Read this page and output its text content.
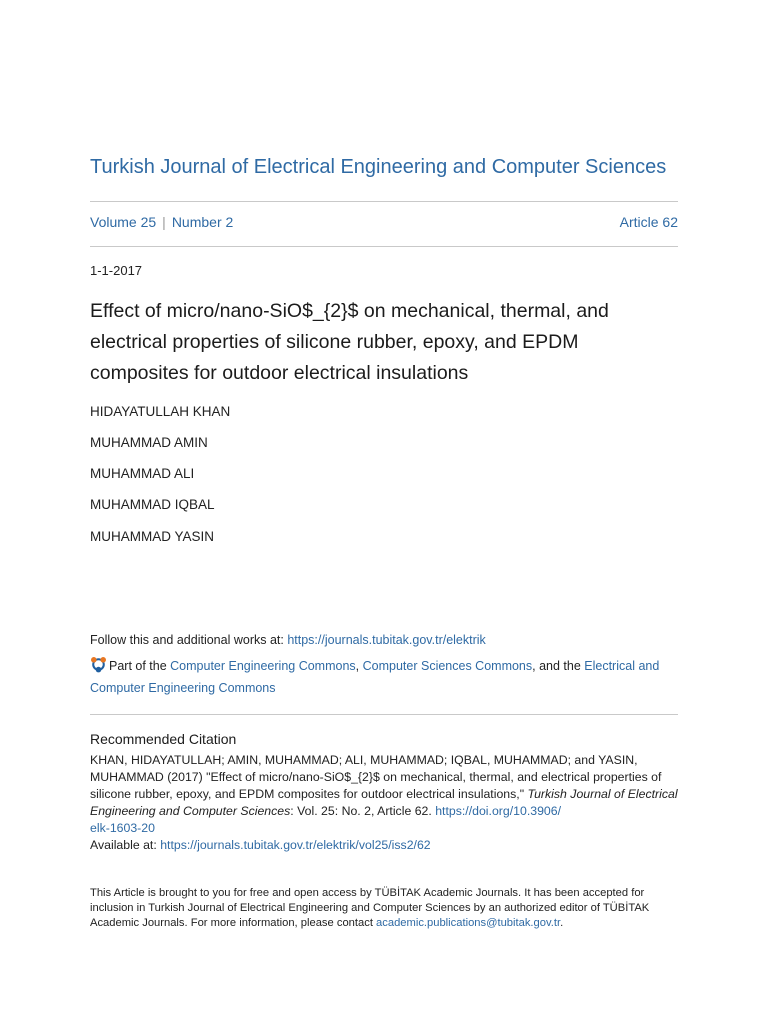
Turkish Journal of Electrical Engineering and Computer Sciences
Volume 25 | Number 2	Article 62
1-1-2017
Effect of micro/nano-SiO$_{2}$ on mechanical, thermal, and electrical properties of silicone rubber, epoxy, and EPDM composites for outdoor electrical insulations
HIDAYATULLAH KHAN
MUHAMMAD AMIN
MUHAMMAD ALI
MUHAMMAD IQBAL
MUHAMMAD YASIN
Follow this and additional works at: https://journals.tubitak.gov.tr/elektrik
Part of the Computer Engineering Commons, Computer Sciences Commons, and the Electrical and Computer Engineering Commons
Recommended Citation
KHAN, HIDAYATULLAH; AMIN, MUHAMMAD; ALI, MUHAMMAD; IQBAL, MUHAMMAD; and YASIN, MUHAMMAD (2017) "Effect of micro/nano-SiO$_{2}$ on mechanical, thermal, and electrical properties of silicone rubber, epoxy, and EPDM composites for outdoor electrical insulations," Turkish Journal of Electrical Engineering and Computer Sciences: Vol. 25: No. 2, Article 62. https://doi.org/10.3906/
elk-1603-20
Available at: https://journals.tubitak.gov.tr/elektrik/vol25/iss2/62
This Article is brought to you for free and open access by TÜBİTAK Academic Journals. It has been accepted for inclusion in Turkish Journal of Electrical Engineering and Computer Sciences by an authorized editor of TÜBİTAK Academic Journals. For more information, please contact academic.publications@tubitak.gov.tr.
